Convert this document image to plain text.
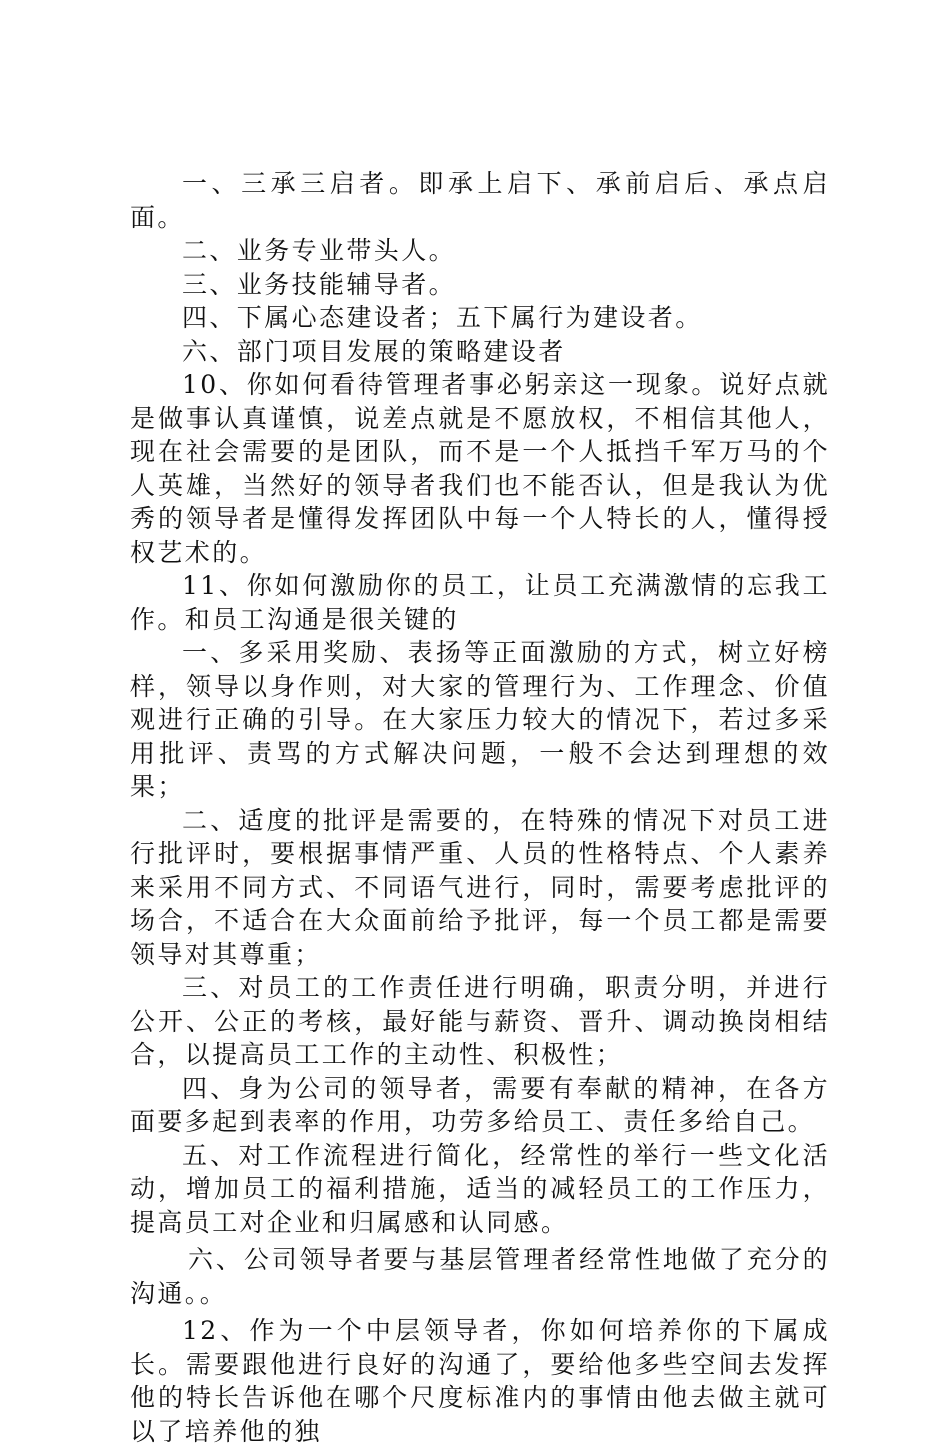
一、三承三启者。即承上启下、承前启后、承点启面。

二、业务专业带头人。

三、业务技能辅导者。

四、下属心态建设者；五下属行为建设者。

六、部门项目发展的策略建设者

10、你如何看待管理者事必躬亲这一现象。说好点就是做事认真谨慎，说差点就是不愿放权，不相信其他人，现在社会需要的是团队，而不是一个人抵挡千军万马的个人英雄，当然好的领导者我们也不能否认，但是我认为优秀的领导者是懂得发挥团队中每一个人特长的人，懂得授权艺术的。

11、你如何激励你的员工，让员工充满激情的忘我工作。和员工沟通是很关键的

一、多采用奖励、表扬等正面激励的方式，树立好榜样，领导以身作则，对大家的管理行为、工作理念、价值观进行正确的引导。在大家压力较大的情况下，若过多采用批评、责骂的方式解决问题，一般不会达到理想的效果；

二、适度的批评是需要的，在特殊的情况下对员工进行批评时，要根据事情严重、人员的性格特点、个人素养来采用不同方式、不同语气进行，同时，需要考虑批评的场合，不适合在大众面前给予批评，每一个员工都是需要领导对其尊重；

三、对员工的工作责任进行明确，职责分明，并进行公开、公正的考核，最好能与薪资、晋升、调动换岗相结合，以提高员工工作的主动性、积极性；

四、身为公司的领导者，需要有奉献的精神，在各方面要多起到表率的作用，功劳多给员工、责任多给自己。

五、对工作流程进行简化，经常性的举行一些文化活动，增加员工的福利措施，适当的减轻员工的工作压力，提高员工对企业和归属感和认同感。

六、公司领导者要与基层管理者经常性地做了充分的沟通。。

12、作为一个中层领导者，你如何培养你的下属成长。需要跟他进行良好的沟通了，要给他多些空间去发挥他的特长告诉他在哪个尺度标准内的事情由他去做主就可以了培养他的独
